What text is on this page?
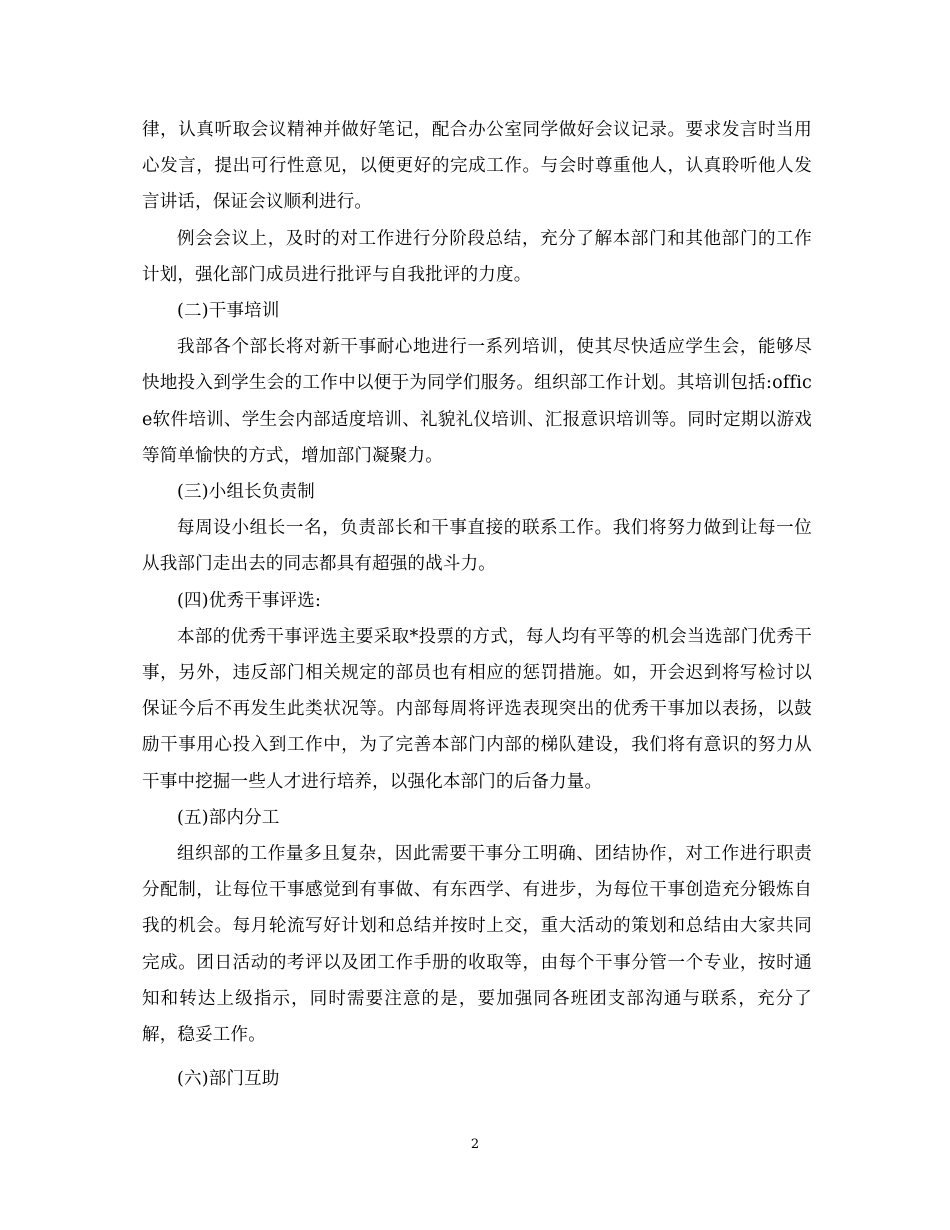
律，认真听取会议精神并做好笔记，配合办公室同学做好会议记录。要求发言时当用心发言，提出可行性意见，以便更好的完成工作。与会时尊重他人，认真聆听他人发言讲话，保证会议顺利进行。

例会会议上，及时的对工作进行分阶段总结，充分了解本部门和其他部门的工作计划，强化部门成员进行批评与自我批评的力度。

(二)干事培训

我部各个部长将对新干事耐心地进行一系列培训，使其尽快适应学生会，能够尽快地投入到学生会的工作中以便于为同学们服务。组织部工作计划。其培训包括:office软件培训、学生会内部适度培训、礼貌礼仪培训、汇报意识培训等。同时定期以游戏等简单愉快的方式，增加部门凝聚力。

(三)小组长负责制

每周设小组长一名，负责部长和干事直接的联系工作。我们将努力做到让每一位从我部门走出去的同志都具有超强的战斗力。

(四)优秀干事评选:

本部的优秀干事评选主要采取*投票的方式，每人均有平等的机会当选部门优秀干事，另外，违反部门相关规定的部员也有相应的惩罚措施。如，开会迟到将写检讨以保证今后不再发生此类状况等。内部每周将评选表现突出的优秀干事加以表扬，以鼓励干事用心投入到工作中，为了完善本部门内部的梯队建设，我们将有意识的努力从干事中挖掘一些人才进行培养，以强化本部门的后备力量。

(五)部内分工

组织部的工作量多且复杂，因此需要干事分工明确、团结协作，对工作进行职责分配制，让每位干事感觉到有事做、有东西学、有进步，为每位干事创造充分锻炼自我的机会。每月轮流写好计划和总结并按时上交，重大活动的策划和总结由大家共同完成。团日活动的考评以及团工作手册的收取等，由每个干事分管一个专业，按时通知和转达上级指示，同时需要注意的是，要加强同各班团支部沟通与联系，充分了解，稳妥工作。

(六)部门互助

2
